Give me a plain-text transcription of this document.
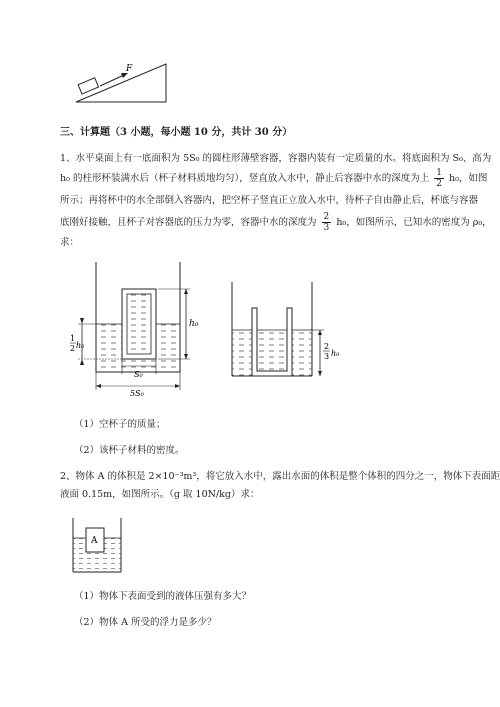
F
三、计算题（3 小题，每小题 10 分，共计 30 分）
1、水平桌面上有一底面积为 5S₀ 的圆柱形薄壁容器，容器内装有一定质量的水。将底面积为 S₀、高为
h₀ 的柱形杯装满水后（杯子材料质地均匀），竖直放入水中，静止后容器中水的深度为上 $\frac{1}{2} h_0$，如图
所示；再将杯中的水全部倒入容器内，把空杯子竖直正立放入水中，待杯子自由静止后，杯底与容器
底刚好接触，且杯子对容器底的压力为零，容器中水的深度为 $\frac{2}{3} h_0$，如图所示，已知水的密度为 ρ₀，
求：
h₀
1
2 h₀
S₀
5S₀
2
3 h₀
（1）空杯子的质量；
（2）该杯子材料的密度。
2、物体 A 的体积是 2×10⁻³m³，将它放入水中，露出水面的体积是整个体积的四分之一，物体下表面距
液面 0.15m，如图所示。（g 取 10N/kg）求：
A
（1）物体下表面受到的液体压强有多大？
（2）物体 A 所受的浮力是多少？
